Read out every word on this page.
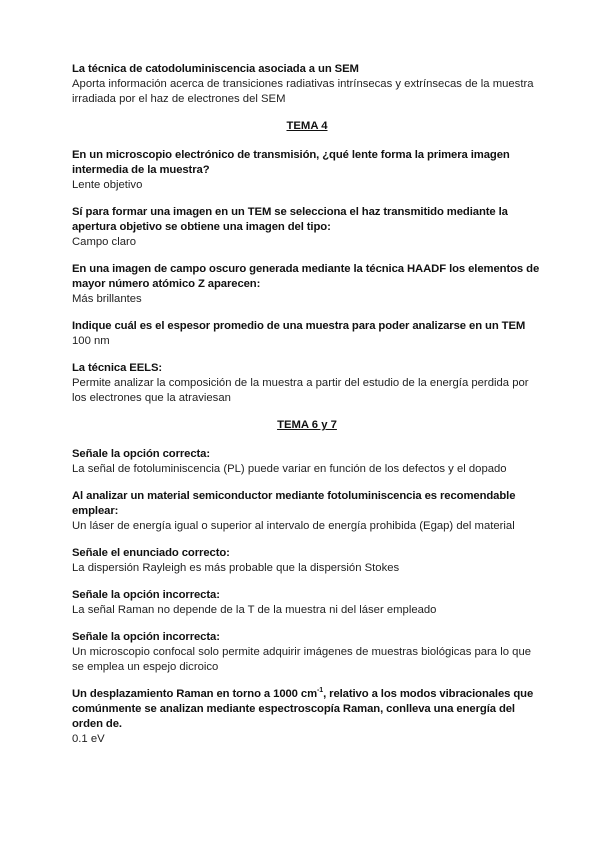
La técnica de catodoluminiscencia asociada a un SEM
Aporta información acerca de transiciones radiativas intrínsecas y extrínsecas de la muestra irradiada por el haz de electrones del SEM
TEMA 4
En un microscopio electrónico de transmisión, ¿qué lente forma la primera imagen intermedia de la muestra?
Lente objetivo
Sí para formar una imagen en un TEM se selecciona el haz transmitido mediante la apertura objetivo se obtiene una imagen del tipo:
Campo claro
En una imagen de campo oscuro generada mediante la técnica HAADF los elementos de mayor número atómico Z aparecen:
Más brillantes
Indique cuál es el espesor promedio de una muestra para poder analizarse en un TEM
100 nm
La técnica EELS:
Permite analizar la composición de la muestra a partir del estudio de la energía perdida por los electrones que la atraviesan
TEMA 6 y 7
Señale la opción correcta:
La señal de fotoluminiscencia (PL) puede variar en función de los defectos y el dopado
Al analizar un material semiconductor mediante fotoluminiscencia es recomendable emplear:
Un láser de energía igual o superior al intervalo de energía prohibida (Egap) del material
Señale el enunciado correcto:
La dispersión Rayleigh es más probable que la dispersión Stokes
Señale la opción incorrecta:
La señal Raman no depende de la T de la muestra ni del láser empleado
Señale la opción incorrecta:
Un microscopio confocal solo permite adquirir imágenes de muestras biológicas para lo que se emplea un espejo dicroico
Un desplazamiento Raman en torno a 1000 $cm^{-1}$, relativo a los modos vibracionales que comúnmente se analizan mediante espectroscopía Raman, conlleva una energía del orden de.
0.1 eV
